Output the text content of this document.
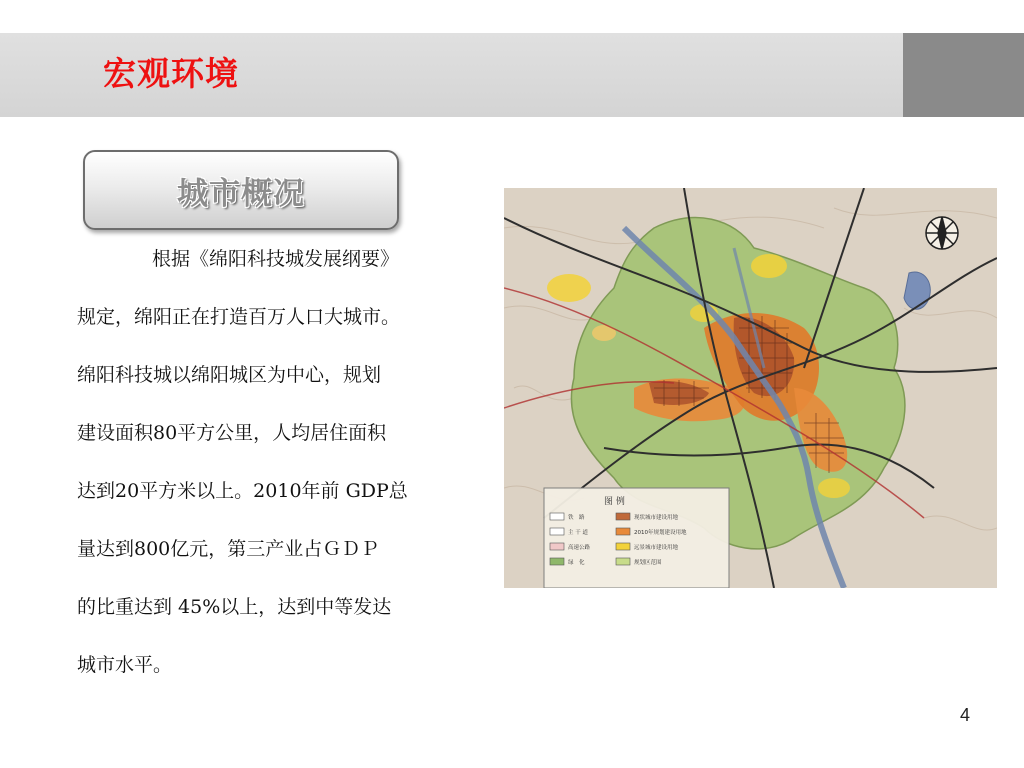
宏观环境
城市概况
根据《绵阳科技城发展纲要》
规定，绵阳正在打造百万人口大城市。
绵阳科技城以绵阳城区为中心，规划
建设面积80平方公里，人均居住面积
达到20平方米以上。2010年前 GDP总
量达到800亿元，第三产业占ＧＤＰ
的比重达到 45%以上，达到中等发达
城市水平。
图 例
铁　路
主 干 道
高速公路
绿　化
现状城市建设用地
2010年规划建设用地
远景城市建设用地
规划区范围
4
